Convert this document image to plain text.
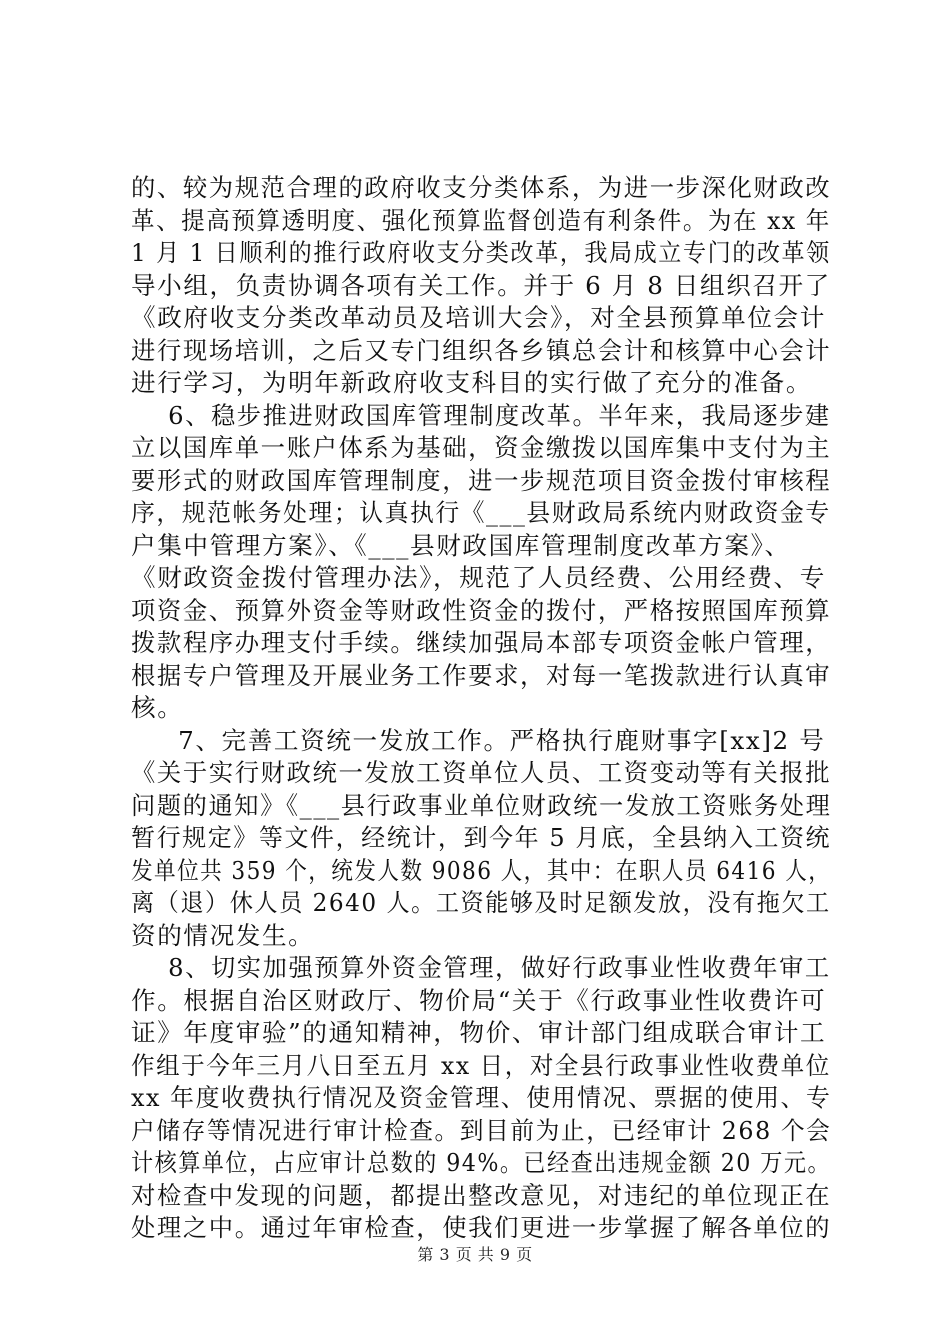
的、较为规范合理的政府收支分类体系，为进一步深化财政改
革、提高预算透明度、强化预算监督创造有利条件。为在 xx 年
1 月 1 日顺利的推行政府收支分类改革，我局成立专门的改革领
导小组，负责协调各项有关工作。并于 6 月 8 日组织召开了
《政府收支分类改革动员及培训大会》，对全县预算单位会计
进行现场培训，之后又专门组织各乡镇总会计和核算中心会计
进行学习，为明年新政府收支科目的实行做了充分的准备。
6、稳步推进财政国库管理制度改革。半年来，我局逐步建
立以国库单一账户体系为基础，资金缴拨以国库集中支付为主
要形式的财政国库管理制度，进一步规范项目资金拨付审核程
序，规范帐务处理；认真执行《___县财政局系统内财政资金专
户集中管理方案》、《___县财政国库管理制度改革方案》、
《财政资金拨付管理办法》，规范了人员经费、公用经费、专
项资金、预算外资金等财政性资金的拨付，严格按照国库预算
拨款程序办理支付手续。继续加强局本部专项资金帐户管理，
根据专户管理及开展业务工作要求，对每一笔拨款进行认真审
核。
7、完善工资统一发放工作。严格执行鹿财事字[xx]2 号
《关于实行财政统一发放工资单位人员、工资变动等有关报批
问题的通知》《___县行政事业单位财政统一发放工资账务处理
暂行规定》等文件，经统计，到今年 5 月底，全县纳入工资统
发单位共 359 个，统发人数 9086 人，其中：在职人员 6416 人，
离（退）休人员 2640 人。工资能够及时足额发放，没有拖欠工
资的情况发生。
8、切实加强预算外资金管理，做好行政事业性收费年审工
作。根据自治区财政厅、物价局“关于《行政事业性收费许可
证》年度审验”的通知精神，物价、审计部门组成联合审计工
作组于今年三月八日至五月 xx 日，对全县行政事业性收费单位
xx 年度收费执行情况及资金管理、使用情况、票据的使用、专
户储存等情况进行审计检查。到目前为止，已经审计 268 个会
计核算单位，占应审计总数的 94%。已经查出违规金额 20 万元。
对检查中发现的问题，都提出整改意见，对违纪的单位现正在
处理之中。通过年审检查，使我们更进一步掌握了解各单位的
第 3 页 共 9 页
